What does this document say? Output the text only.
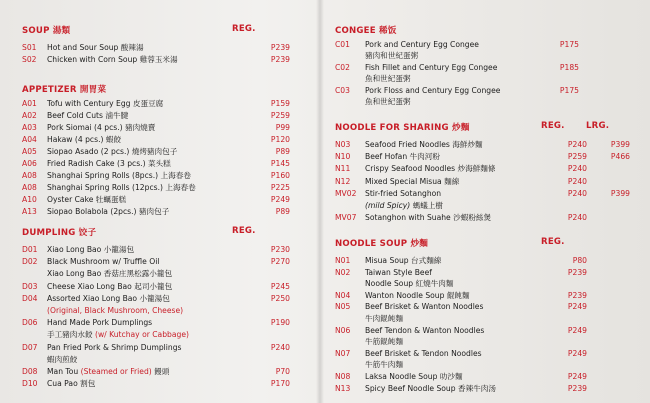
SOUP 湯類	REG.
S01 Hot and Sour Soup 酸辣湯	P239
S02 Chicken with Corn Soup 雞蓉玉米湯	P239
APPETIZER 開胃菜
A01 Tofu with Century Egg 皮蛋豆腐	P159
A02 Beef Cold Cuts 滷牛腱	P259
A03 Pork Siomai (4 pcs.) 豬肉燒賣	P99
A04 Hakaw (4 pcs.) 蝦餃	P120
A05 Siopao Asado (2 pcs.) 燒烤豬肉包子	P89
A06 Fried Radish Cake (3 pcs.) 菜头糕	P145
A08 Shanghai Spring Rolls (8pcs.) 上海春卷	P160
A08 Shanghai Spring Rolls (12pcs.) 上海春卷	P225
A10 Oyster Cake 牡蠣蛋糕	P249
A13 Siopao Bolabola (2pcs.) 豬肉包子	P89
DUMPLING 饺子	REG.
D01 Xiao Long Bao 小籠湯包	P230
D02 Black Mushroom w/ Truffle Oil	P270
Xiao Long Bao 香菇庄黑松露小籠包
D03 Cheese Xiao Long Bao 起司小籠包	P245
D04 Assorted Xiao Long Bao 小籠湯包	P250
(Original, Black Mushroom, Cheese)
D06 Hand Made Pork Dumplings	P190
手工豬肉水餃 (w/ Kutchay or Cabbage)
D07 Pan Fried Pork & Shrimp Dumplings	P240
蝦肉煎餃
D08 Man Tou (Steamed or Fried) 饅頭	P70
D10 Cua Pao 割包	P170
CONGEE 稀饭
C01 Pork and Century Egg Congee
豬肉和世紀蛋粥
P175
C02 Fish Fillet and Century Egg Congee
魚和世紀蛋粥
P185
C03 Pork Floss and Century Egg Congee
魚和世紀蛋粥
P175
NOODLE FOR SHARING 炒麵	REG. LRG.
N03 Seafood Fried Noodles 海鮮炒麵	P240	P399
N10 Beef Hofan 牛肉河粉	P259	P466
N11 Crispy Seafood Noodles 炒海鮮麵條	P240
N12 Mixed Special Misua 麵線	P240
MV02 Stir-fried Sotanghon	P240	P399
(mild Spicy) 螞蟻上樹
MV07 Sotanghon with Suahe 沙蝦粉絲煲	P240
NOODLE SOUP 炒麵	REG.
N01 Misua Soup 台式麵線	P80
N02 Taiwan Style Beef	P239
Noodle Soup 紅燒牛肉麵
N04 Wanton Noodle Soup 餛飩麵	P239
N05 Beef Brisket & Wanton Noodles	P249
牛肉餛飩麵
N06 Beef Tendon & Wanton Noodles	P249
牛筋餛飩麵
N07 Beef Brisket & Tendon Noodles	P249
牛筋牛肉麵
N08 Laksa Noodle Soup 叻沙麵	P249
N13 Spicy Beef Noodle Soup 香辣牛肉汤	P239
